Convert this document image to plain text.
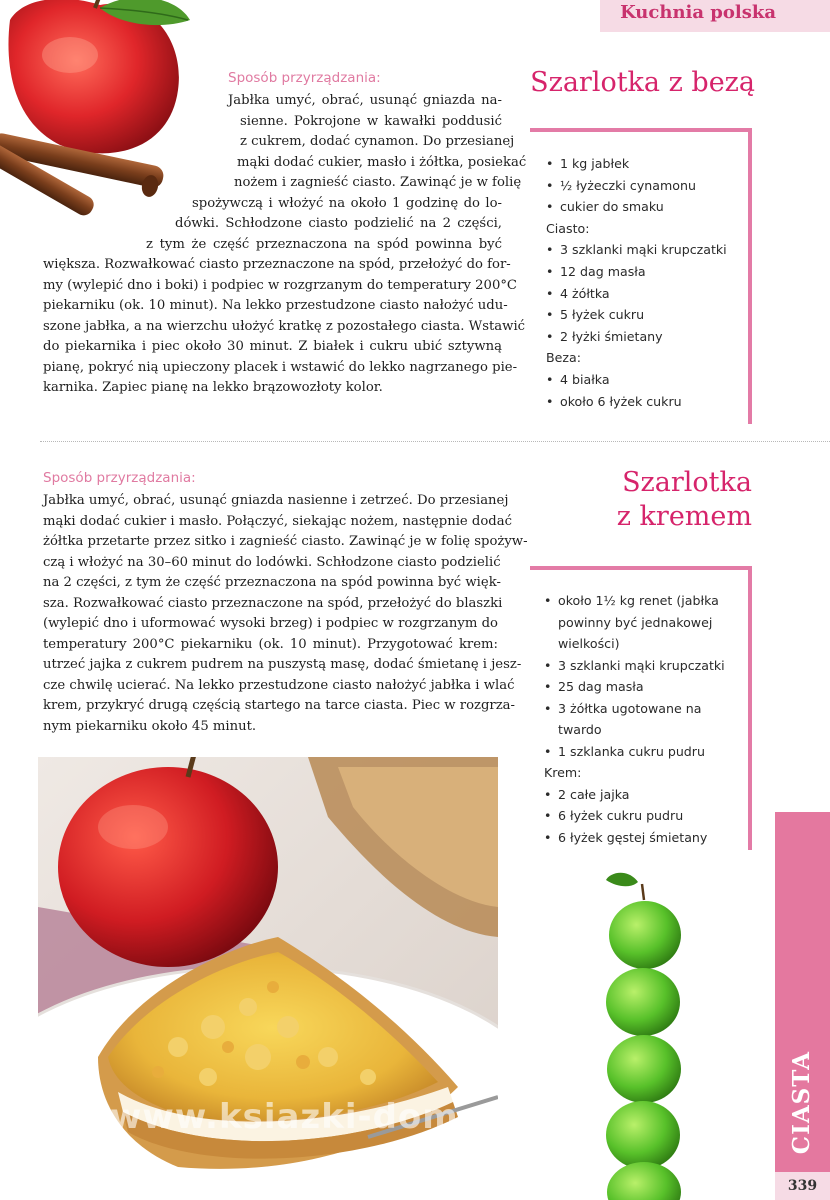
Kuchnia polska
Sposób przyrządzania:
Jabłka umyć, obrać, usunąć gniazda na-
sienne. Pokrojone w kawałki poddusić
z cukrem, dodać cynamon. Do przesianej
mąki dodać cukier, masło i żółtka, posiekać
nożem i zagnieść ciasto. Zawinąć je w folię
spożywczą i włożyć na około 1 godzinę do lo-
dówki. Schłodzone ciasto podzielić na 2 części,
z tym że część przeznaczona na spód powinna być
większa. Rozwałkować ciasto przeznaczone na spód, przełożyć do for-
my (wylepić dno i boki) i podpiec w rozgrzanym do temperatury 200°C
piekarniku (ok. 10 minut). Na lekko przestudzone ciasto nałożyć udu-
szone jabłka, a na wierzchu ułożyć kratkę z pozostałego ciasta. Wstawić
do piekarnika i piec około 30 minut. Z białek i cukru ubić sztywną
pianę, pokryć nią upieczony placek i wstawić do lekko nagrzanego pie-
karnika. Zapiec pianę na lekko brązowozłoty kolor.
Szarlotka z bezą
• 1 kg jabłek
• ½ łyżeczki cynamonu
• cukier do smaku
Ciasto:
• 3 szklanki mąki krupczatki
• 12 dag masła
• 4 żółtka
• 5 łyżek cukru
• 2 łyżki śmietany
Beza:
• 4 białka
• około 6 łyżek cukru
Sposób przyrządzania:
Jabłka umyć, obrać, usunąć gniazda nasienne i zetrzeć. Do przesianej
mąki dodać cukier i masło. Połączyć, siekając nożem, następnie dodać
żółtka przetarte przez sitko i zagnieść ciasto. Zawinąć je w folię spożyw-
czą i włożyć na 30–60 minut do lodówki. Schłodzone ciasto podzielić
na 2 części, z tym że część przeznaczona na spód powinna być więk-
sza. Rozwałkować ciasto przeznaczone na spód, przełożyć do blaszki
(wylepić dno i uformować wysoki brzeg) i podpiec w rozgrzanym do
temperatury 200°C piekarniku (ok. 10 minut). Przygotować krem:
utrzeć jajka z cukrem pudrem na puszystą masę, dodać śmietanę i jesz-
cze chwilę ucierać. Na lekko przestudzone ciasto nałożyć jabłka i wlać
krem, przykryć drugą częścią startego na tarce ciasta. Piec w rozgrza-
nym piekarniku około 45 minut.
Szarlotka
z kremem
• około 1½ kg renet (jabłka
powinny być jednakowej
wielkości)
• 3 szklanki mąki krupczatki
• 25 dag masła
• 3 żółtka ugotowane na
twardo
• 1 szklanka cukru pudru
Krem:
• 2 całe jajka
• 6 łyżek cukru pudru
• 6 łyżek gęstej śmietany
CIASTA
339
www.ksiazki-domowe.pl
